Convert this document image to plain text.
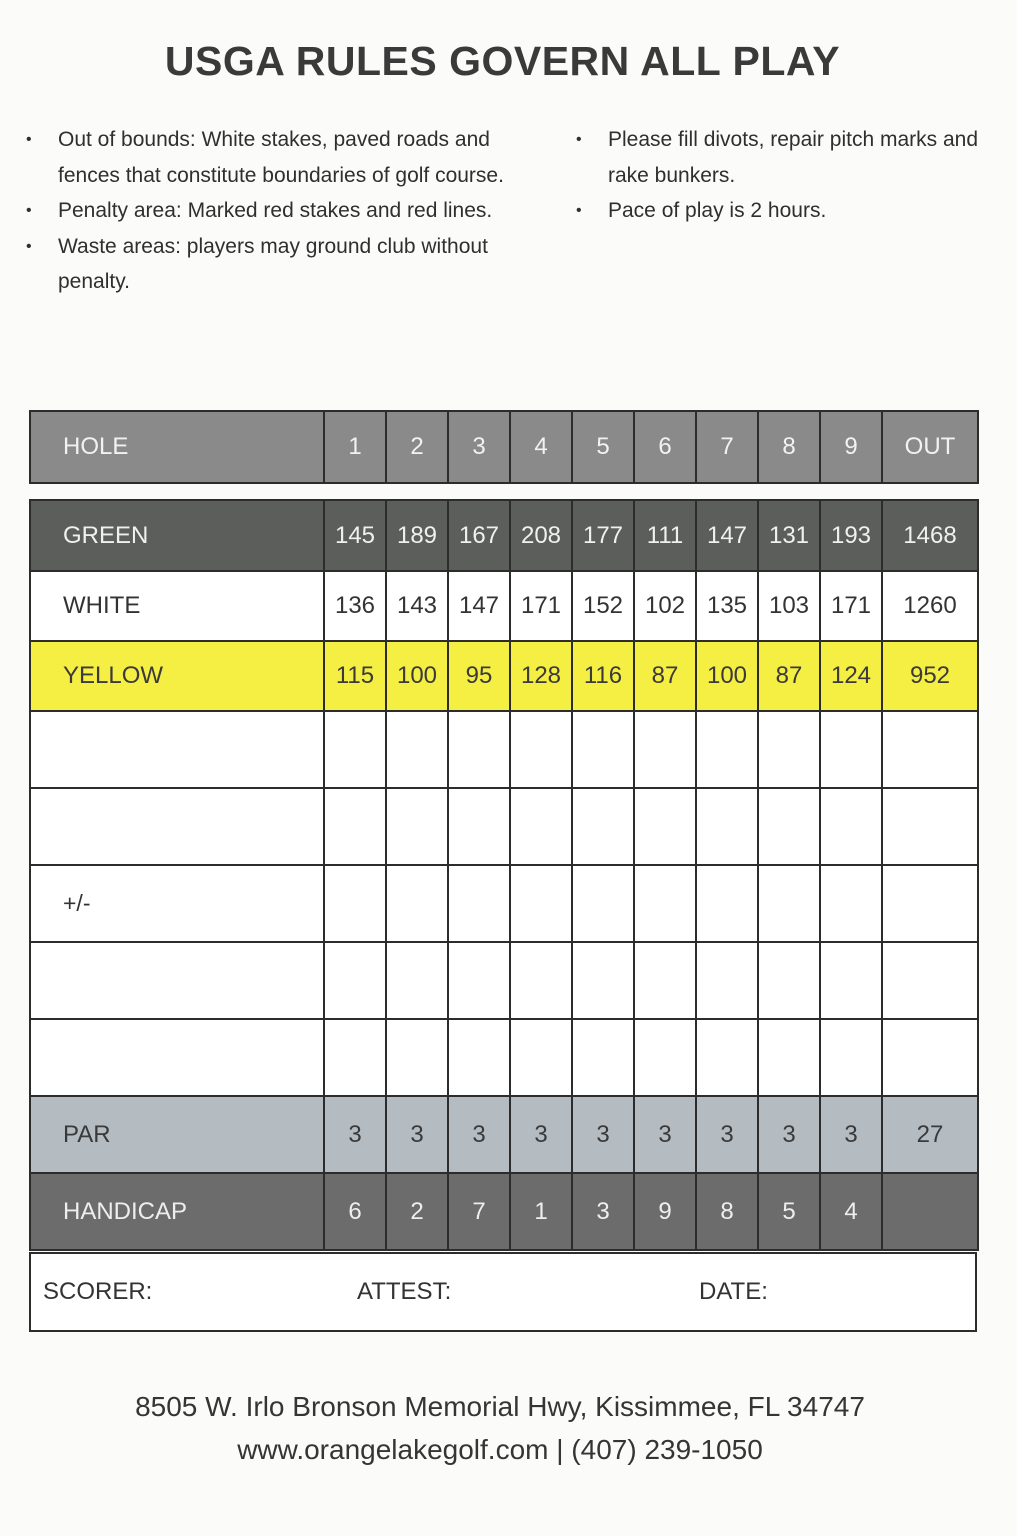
USGA RULES GOVERN ALL PLAY
• Out of bounds: White stakes, paved roads and fences that constitute boundaries of golf course.
• Penalty area: Marked red stakes and red lines.
• Waste areas: players may ground club without penalty.
• Please fill divots, repair pitch marks and rake bunkers.
• Pace of play is 2 hours.
HOLE	1	2	3	4	5	6	7	8	9	OUT
GREEN	145	189	167	208	177	111	147	131	193	1468
WHITE	136	143	147	171	152	102	135	103	171	1260
YELLOW	115	100	95	128	116	87	100	87	124	952

+/-										

PAR	3	3	3	3	3	3	3	3	3	27
HANDICAP	6	2	7	1	3	9	8	5	4	
SCORER:	ATTEST:	DATE:
8505 W. Irlo Bronson Memorial Hwy, Kissimmee, FL 34747
www.orangelakegolf.com | (407) 239-1050
